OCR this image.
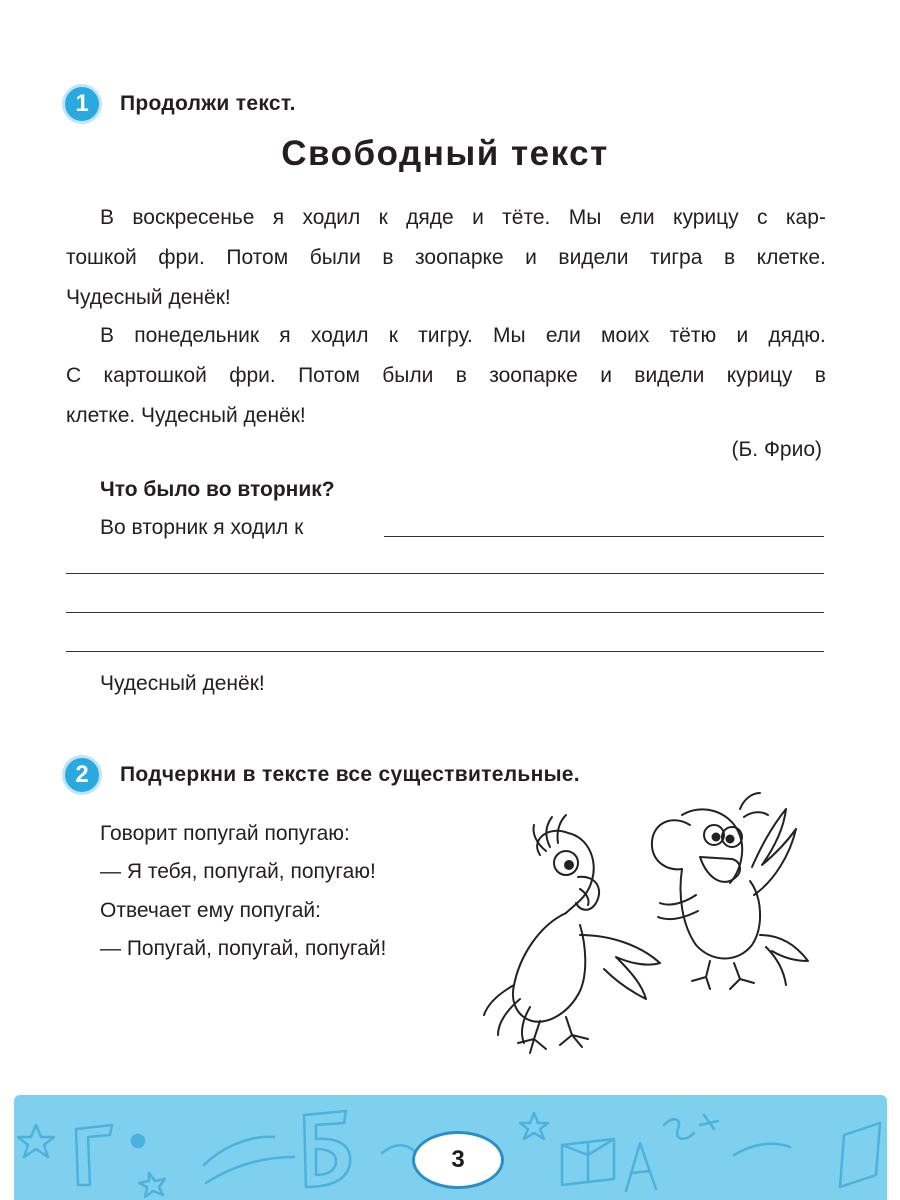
1	Продолжи текст.
Свободный текст
В воскресенье я ходил к дяде и тёте. Мы ели курицу с кар-
тошкой фри. Потом были в зоопарке и видели тигра в клетке.
Чудесный денёк!
В понедельник я ходил к тигру. Мы ели моих тётю и дядю.
С картошкой фри. Потом были в зоопарке и видели курицу в
клетке. Чудесный денёк!
(Б. Фрио)
Что было во вторник?
Во вторник я ходил к
Чудесный денёк!
2	Подчеркни в тексте все существительные.
Говорит попугай попугаю:
— Я тебя, попугай, попугаю!
Отвечает ему попугай:
— Попугай, попугай, попугай!
3
